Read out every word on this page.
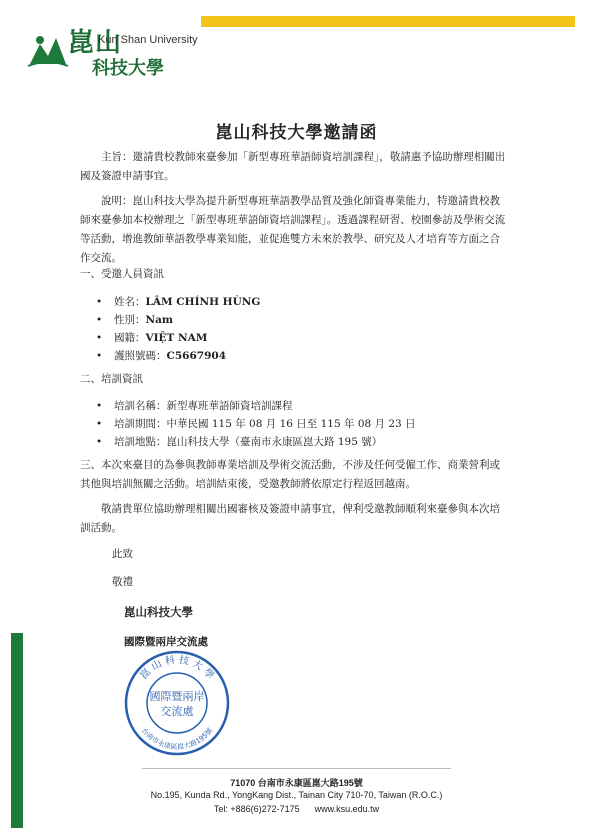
崑山
Kun Shan University
科技大學
崑山科技大學邀請函
主旨：邀請貴校教師來臺參加「新型專班華語師資培訓課程」，敬請惠予協助辦理相關出國及簽證申請事宜。
說明：崑山科技大學為提升新型專班華語教學品質及強化師資專業能力，特邀請貴校教師來臺參加本校辦理之「新型專班華語師資培訓課程」。透過課程研習、校園參訪及學術交流等活動，增進教師華語教學專業知能，並促進雙方未來於教學、研究及人才培育等方面之合作交流。
一、受邀人員資訊
• 姓名：LÂM CHÍNH HÙNG
• 性別：Nam
• 國籍：VIỆT NAM
• 護照號碼：C5667904
二、培訓資訊
• 培訓名稱：新型專班華語師資培訓課程
• 培訓期間：中華民國 115 年 08 月 16 日至 115 年 08 月 23 日
• 培訓地點：崑山科技大學（臺南市永康區崑大路 195 號）
三、本次來臺目的為參與教師專業培訓及學術交流活動，不涉及任何受僱工作、商業營利或其他與培訓無關之活動。培訓結束後，受邀教師將依原定行程返回越南。
敬請貴單位協助辦理相關出國審核及簽證申請事宜，俾利受邀教師順利來臺參與本次培訓活動。
此致
敬禮
崑山科技大學
國際暨兩岸交流處
崑 山 科 技 大 學
國際暨兩岸
交流處
台南市永康區崑大路195號
71070 台南市永康區崑大路195號
No.195, Kunda Rd., YongKang Dist., Tainan City 710-70, Taiwan (R.O.C.)
Tel: +886(6)272-7175      www.ksu.edu.tw
